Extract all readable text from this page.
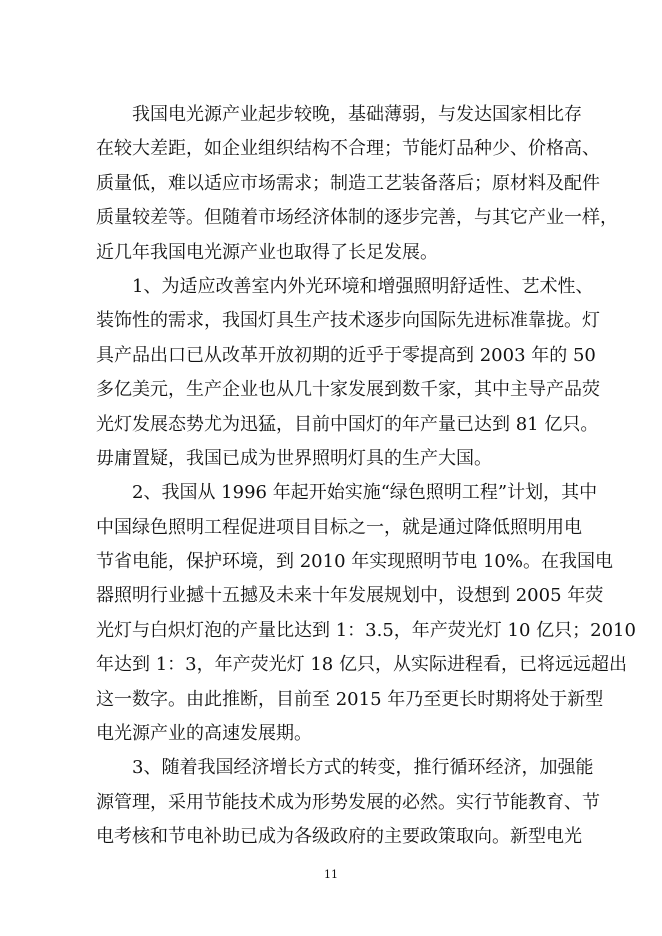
我国电光源产业起步较晚，基础薄弱，与发达国家相比存
在较大差距，如企业组织结构不合理；节能灯品种少、价格高、
质量低，难以适应市场需求；制造工艺装备落后；原材料及配件
质量较差等。但随着市场经济体制的逐步完善，与其它产业一样，
近几年我国电光源产业也取得了长足发展。
1、为适应改善室内外光环境和增强照明舒适性、艺术性、
装饰性的需求，我国灯具生产技术逐步向国际先进标准靠拢。灯
具产品出口已从改革开放初期的近乎于零提高到 2003 年的 50
多亿美元，生产企业也从几十家发展到数千家，其中主导产品荧
光灯发展态势尤为迅猛，目前中国灯的年产量已达到 81 亿只。
毋庸置疑，我国已成为世界照明灯具的生产大国。
2、我国从 1996 年起开始实施“绿色照明工程”计划，其中
中国绿色照明工程促进项目目标之一，就是通过降低照明用电
节省电能，保护环境，到 2010 年实现照明节电 10%。在我国电
器照明行业撼十五撼及未来十年发展规划中，设想到 2005 年荧
光灯与白炽灯泡的产量比达到 1：3.5，年产荧光灯 10 亿只；2010
年达到 1：3，年产荧光灯 18 亿只，从实际进程看，已将远远超出
这一数字。由此推断，目前至 2015 年乃至更长时期将处于新型
电光源产业的高速发展期。
3、随着我国经济增长方式的转变，推行循环经济，加强能
源管理，采用节能技术成为形势发展的必然。实行节能教育、节
电考核和节电补助已成为各级政府的主要政策取向。新型电光
11
